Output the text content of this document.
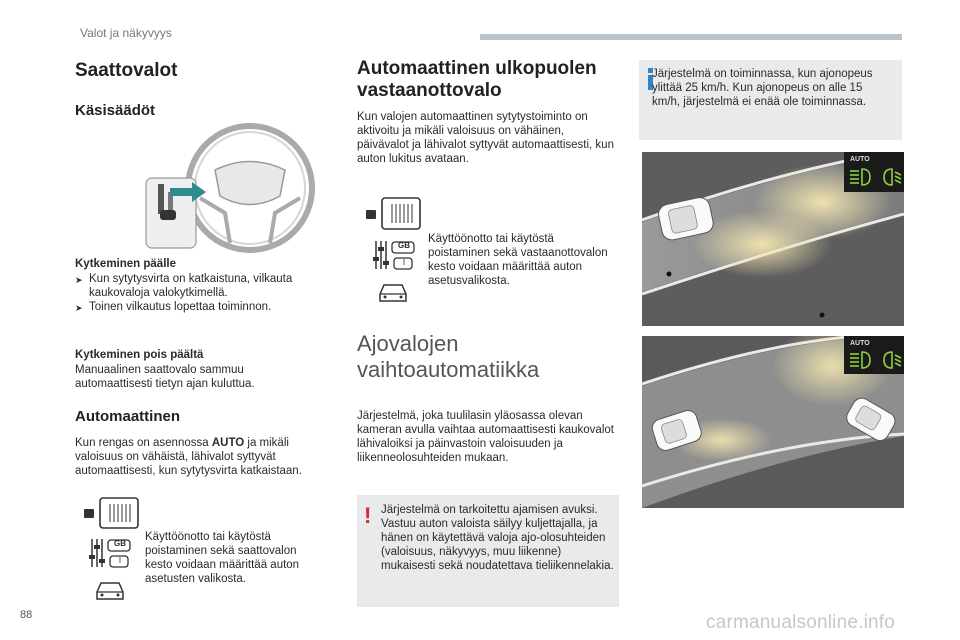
Valot ja näkyvyys
Saattovalot
Käsisäädöt
Kytkeminen päälle
➤ Kun sytytysvirta on katkaistuna, vilkauta kaukovaloja valokytkimellä.
➤ Toinen vilkautus lopettaa toiminnon.
Kytkeminen pois päältä

Manuaalinen saattovalo sammuu automaattisesti tietyn ajan kuluttua.

Automaattinen

Kun rengas on asennossa AUTO ja mikäli valoisuus on vähäistä, lähivalot syttyvät automaattisesti, kun sytytysvirta katkaistaan.

GB
I

Käyttöönotto tai käytöstä poistaminen sekä saattovalon kesto voidaan määrittää auton asetusten valikosta.

Automaattinen ulkopuolen vastaanottovalo

Kun valojen automaattinen sytytystoiminto on aktivoitu ja mikäli valoisuus on vähäinen, päivävalot ja lähivalot syttyvät automaattisesti, kun auton lukitus avataan.

GB
I

Käyttöönotto tai käytöstä poistaminen sekä vastaanottovalon kesto voidaan määrittää auton asetusvalikosta.

Ajovalojen vaihtoautomatiikka

Järjestelmä, joka tuulilasin yläosassa olevan kameran avulla vaihtaa automaattisesti kaukovalot lähivaloiksi ja päinvastoin valoisuuden ja liikenneolosuhteiden mukaan.

! Järjestelmä on tarkoitettu ajamisen avuksi. Vastuu auton valoista säilyy kuljettajalla, ja hänen on käytettävä valoja ajo-olosuhteiden (valoisuus, näkyvyys, muu liikenne) mukaisesti sekä noudatettava tieliikennelakia.

Järjestelmä on toiminnassa, kun ajonopeus ylittää 25 km/h. Kun ajonopeus on alle 15 km/h, järjestelmä ei enää ole toiminnassa.

AUTO
AUTO
88	carmanualsonline.info
